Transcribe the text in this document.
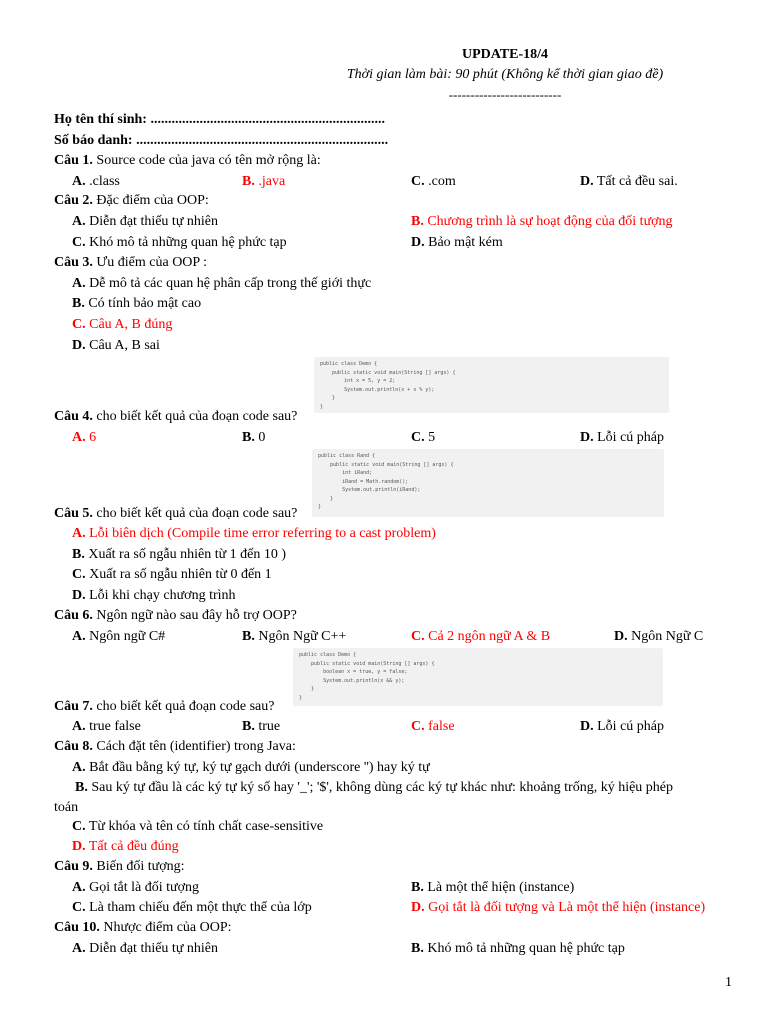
UPDATE-18/4
Thời gian làm bài: 90 phút (Không kể thời gian giao đề)
--------------------------
Họ tên thí sinh: ...................................................................
Số báo danh: ........................................................................
Câu 1. Source code của java có tên mở rộng là:
A. .class	B. .java	C. .com	D. Tất cả đều sai.
Câu 2. Đặc điểm của OOP:
A. Diễn đạt thiếu tự nhiên	B. Chương trình là sự hoạt động của đối tượng
C. Khó mô tả những quan hệ phức tạp	D. Bảo mật kém
Câu 3. Ưu điểm của OOP :
A. Dễ mô tả các quan hệ phân cấp trong thế giới thực
B. Có tính bảo mật cao
C. Câu A, B đúng
D. Câu A, B sai
public class Demo {
public static void main(String [] args) {
int x = 5, y = 2;
System.out.println(x + x % y);
}
}
Câu 4. cho biết kết quả của đoạn code sau?
A. 6	B. 0	C. 5	D. Lỗi cú pháp
public class Rand {
public static void main(String [] args) {
int iRand;
iRand = Math.random();
System.out.println(iRand);
}
}
Câu 5. cho biết kết quả của đoạn code sau?
A. Lỗi biên dịch (Compile time error referring to a cast problem)
B. Xuất ra số ngẫu nhiên từ 1 đến 10 )
C. Xuất ra số ngẫu nhiên từ 0 đến 1
D. Lỗi khi chạy chương trình
Câu 6. Ngôn ngữ nào sau đây hỗ trợ OOP?
A. Ngôn ngữ C#	B. Ngôn Ngữ C++	C. Cả 2 ngôn ngữ A & B	D. Ngôn Ngữ C
public class Demo {
public static void main(String [] args) {
boolean x = true, y = false;
System.out.println(x && y);
}
}
Câu 7. cho biết kết quả đoạn code sau?
A. true false	B. true	C. false	D. Lỗi cú pháp
Câu 8. Cách đặt tên (identifier) trong Java:
A. Bắt đầu bằng ký tự, ký tự gạch dưới (underscore '') hay ký tự
B. Sau ký tự đầu là các ký tự ký số hay '_'; '$', không dùng các ký tự khác như: khoảng trống, ký hiệu phép
toán
C. Từ khóa và tên có tính chất case-sensitive
D. Tất cả đều đúng
Câu 9. Biến đối tượng:
A. Gọi tắt là đối tượng	B. Là một thể hiện (instance)
C. Là tham chiếu đến một thực thể của lớp	D. Gọi tắt là đối tượng và Là một thể hiện (instance)
Câu 10. Nhược điểm của OOP:
A. Diễn đạt thiếu tự nhiên	B. Khó mô tả những quan hệ phức tạp
1
